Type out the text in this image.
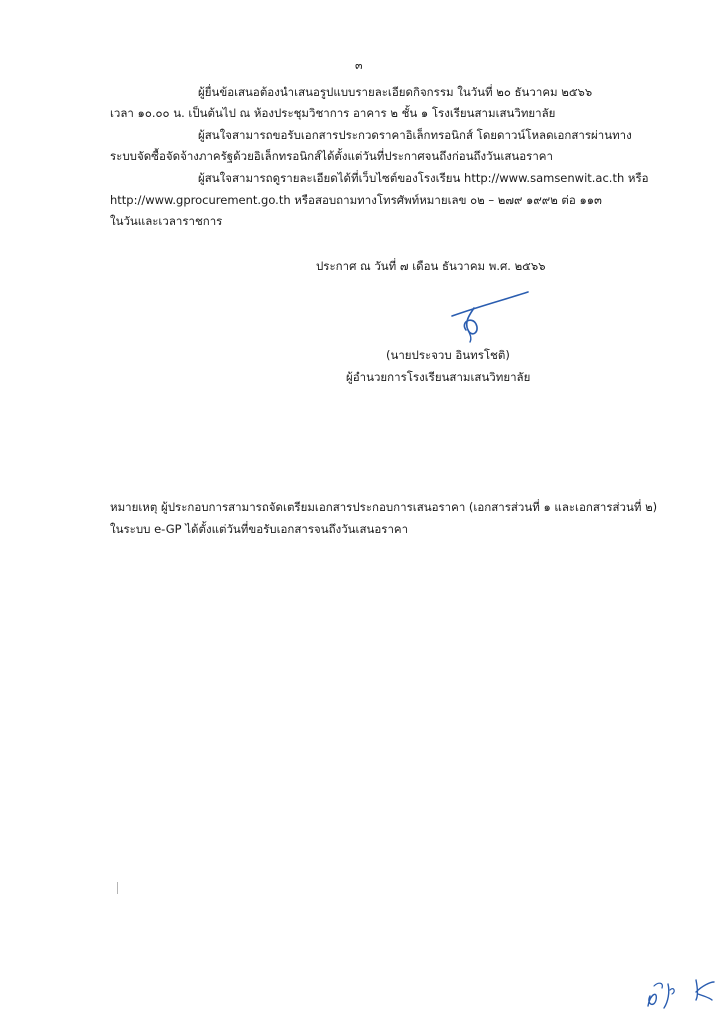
๓
ผู้ยื่นข้อเสนอต้องนำเสนอรูปแบบรายละเอียดกิจกรรม ในวันที่ ๒๐ ธันวาคม ๒๕๖๖
เวลา ๑๐.๐๐ น. เป็นต้นไป ณ ห้องประชุมวิชาการ อาคาร ๒ ชั้น ๑ โรงเรียนสามเสนวิทยาลัย
ผู้สนใจสามารถขอรับเอกสารประกวดราคาอิเล็กทรอนิกส์ โดยดาวน์โหลดเอกสารผ่านทาง
ระบบจัดซื้อจัดจ้างภาครัฐด้วยอิเล็กทรอนิกส์ได้ตั้งแต่วันที่ประกาศจนถึงก่อนถึงวันเสนอราคา
ผู้สนใจสามารถดูรายละเอียดได้ที่เว็บไซต์ของโรงเรียน http://www.samsenwit.ac.th หรือ
http://www.gprocurement.go.th หรือสอบถามทางโทรศัพท์หมายเลข ๐๒ – ๒๗๙ ๑๙๙๒ ต่อ ๑๑๓
ในวันและเวลาราชการ
ประกาศ ณ วันที่ ๗ เดือน ธันวาคม พ.ศ. ๒๕๖๖
(นายประจวบ อินทรโชติ)
ผู้อำนวยการโรงเรียนสามเสนวิทยาลัย
หมายเหตุ ผู้ประกอบการสามารถจัดเตรียมเอกสารประกอบการเสนอราคา (เอกสารส่วนที่ ๑ และเอกสารส่วนที่ ๒)
ในระบบ e-GP ได้ตั้งแต่วันที่ขอรับเอกสารจนถึงวันเสนอราคา
